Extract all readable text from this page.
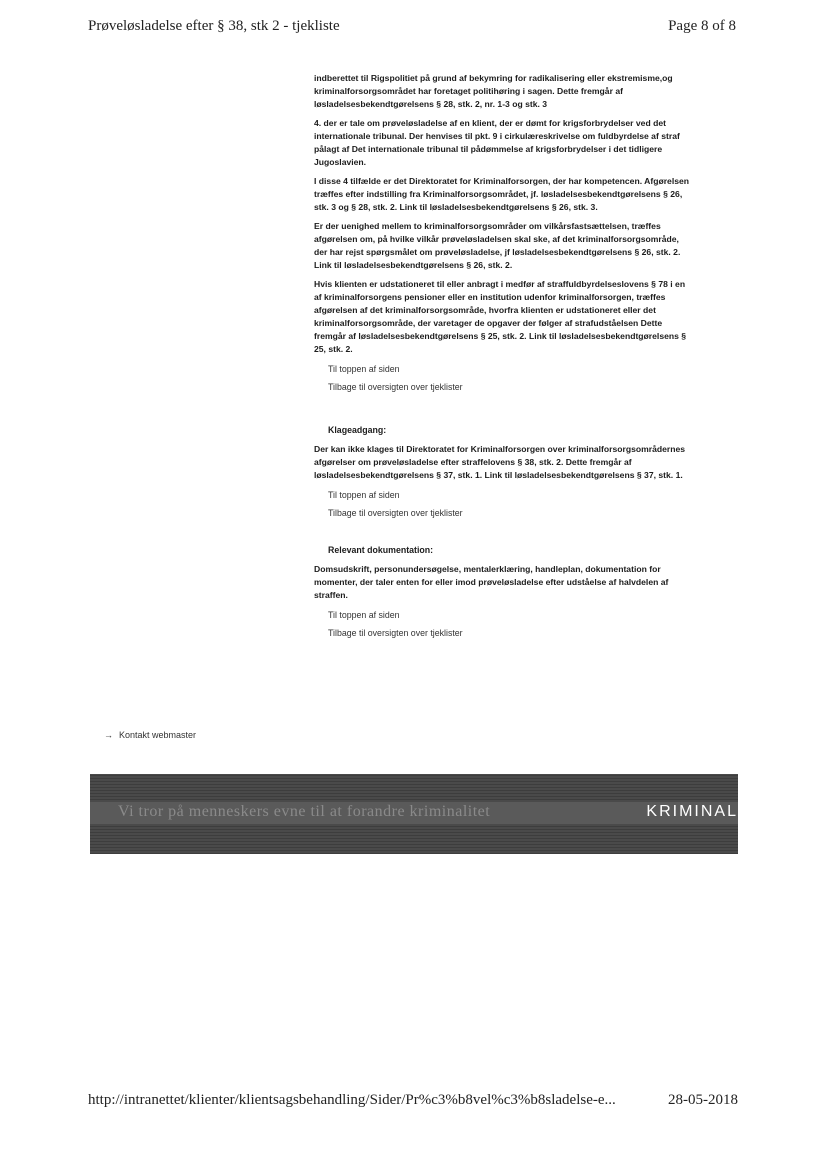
Prøveløsladelse efter § 38, stk 2 - tjekliste	Page 8 of 8

indberettet til Rigspolitiet på grund af bekymring for radikalisering eller ekstremisme,og kriminalforsorgsområdet har foretaget politihøring i sagen. Dette fremgår af løsladelsesbekendtgørelsens § 28, stk. 2, nr. 1-3 og stk. 3

4. der er tale om prøveløsladelse af en klient, der er dømt for krigsforbrydelser ved det internationale tribunal. Der henvises til pkt. 9 i cirkulæreskrivelse om fuldbyrdelse af straf pålagt af Det internationale tribunal til pådømmelse af krigsforbrydelser i det tidligere Jugoslavien.

I disse 4 tilfælde er det Direktoratet for Kriminalforsorgen, der har kompetencen. Afgørelsen træffes efter indstilling fra Kriminalforsorgsområdet, jf. løsladelsesbekendtgørelsens § 26, stk. 3 og § 28, stk. 2. Link til løsladelsesbekendtgørelsens § 26, stk. 3.

Er der uenighed mellem to kriminalforsorgsområder om vilkårsfastsættelsen, træffes afgørelsen om, på hvilke vilkår prøveløsladelsen skal ske, af det kriminalforsorgsområde, der har rejst spørgsmålet om prøveløsladelse, jf løsladelsesbekendtgørelsens § 26, stk. 2. Link til løsladelsesbekendtgørelsens § 26, stk. 2.

Hvis klienten er udstationeret til eller anbragt i medfør af straffuldbyrdelseslovens § 78 i en af kriminalforsorgens pensioner eller en institution udenfor kriminalforsorgen, træffes afgørelsen af det kriminalforsorgsområde, hvorfra klienten er udstationeret eller det kriminalforsorgsområde, der varetager de opgaver der følger af strafudståelsen Dette fremgår af løsladelsesbekendtgørelsens § 25, stk. 2. Link til løsladelsesbekendtgørelsens § 25, stk. 2.

Til toppen af siden
Tilbage til oversigten over tjeklister
Klageadgang:

Der kan ikke klages til Direktoratet for Kriminalforsorgen over kriminalforsorgsområdernes afgørelser om prøveløsladelse efter straffelovens § 38, stk. 2. Dette fremgår af løsladelsesbekendtgørelsens § 37, stk. 1. Link til løsladelsesbekendtgørelsens § 37, stk. 1.

Til toppen af siden
Tilbage til oversigten over tjeklister
Relevant dokumentation:

Domsudskrift, personundersøgelse, mentalerklæring, handleplan, dokumentation for momenter, der taler enten for eller imod prøveløsladelse efter udståelse af halvdelen af straffen.

Til toppen af siden
Tilbage til oversigten over tjeklister
→ Kontakt webmaster
Vi tror på menneskers evne til at forandre kriminalitet	KRIMINAL
http://intranettet/klienter/klientsagsbehandling/Sider/Pr%c3%b8vel%c3%b8sladelse-e...	28-05-2018
